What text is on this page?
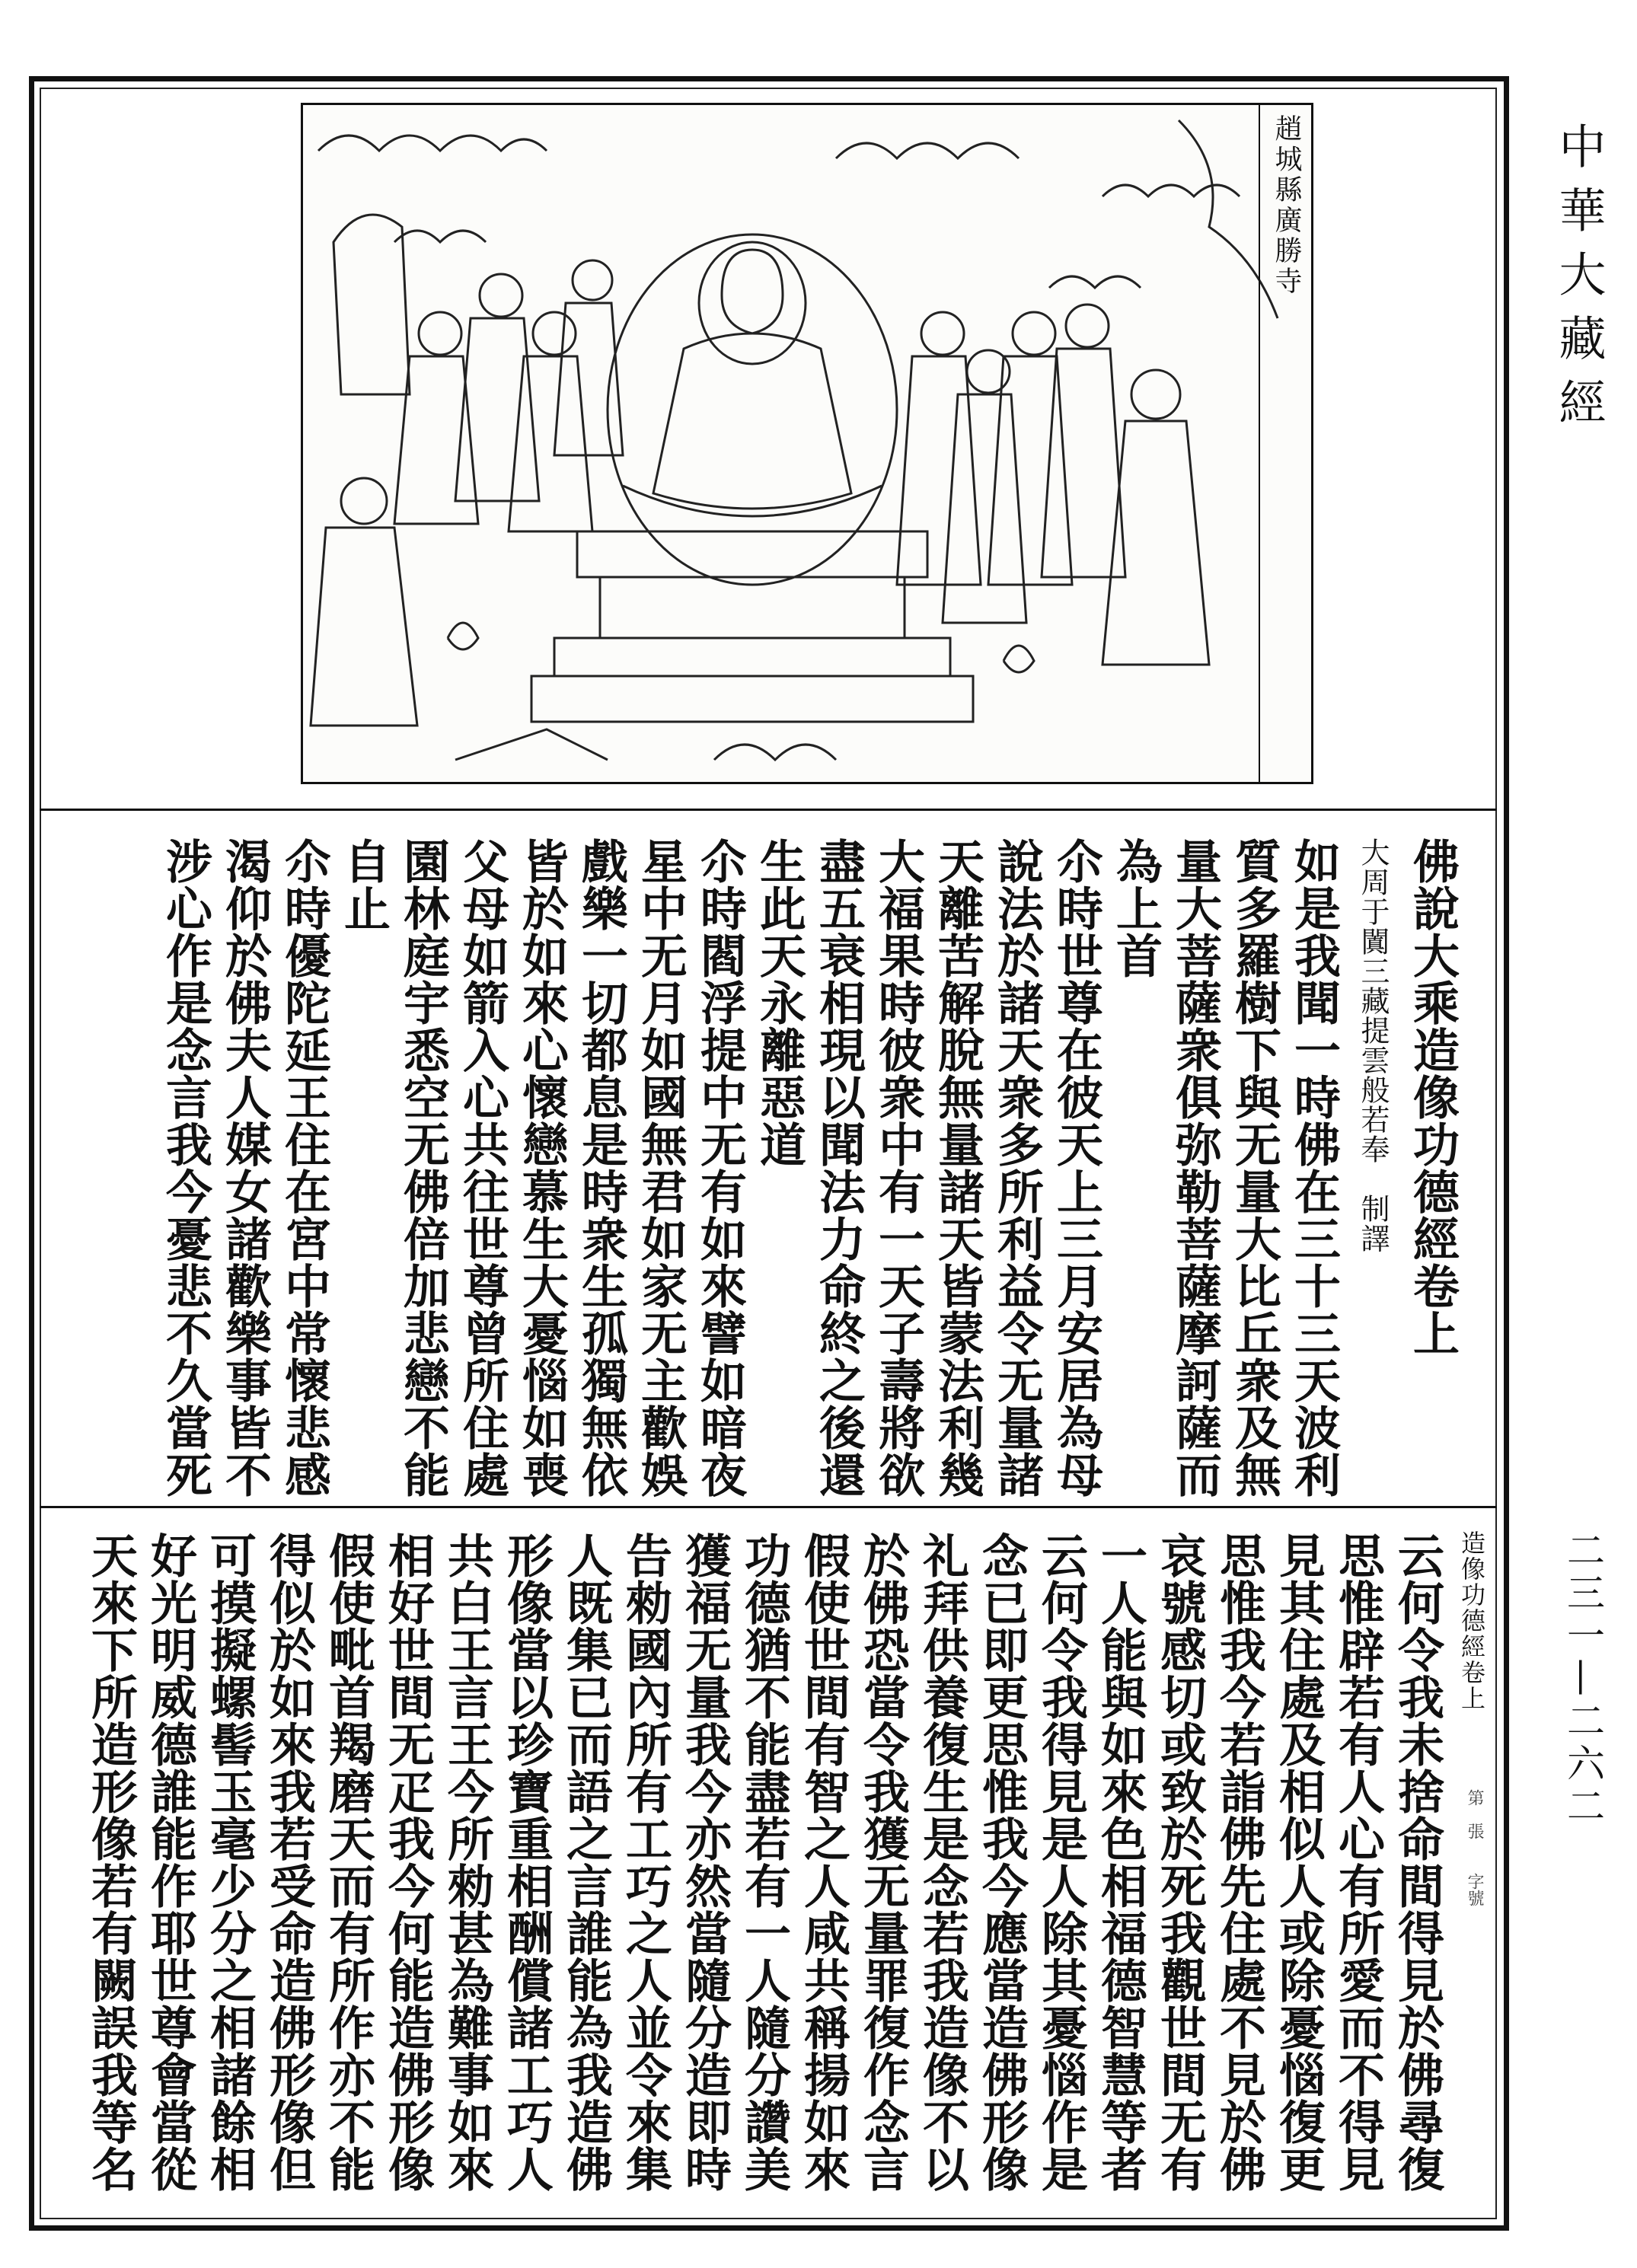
趙城縣廣勝寺	中華大藏經
二三一—二六二
佛說大乘造像功德經卷上
大周于闐三藏提雲般若奉　制譯
如是我聞一時佛在三十三天波利
質多羅樹下與无量大比丘衆及無
量大菩薩衆俱弥勒菩薩摩訶薩而
為上首
尒時世尊在彼天上三月安居為母
說法於諸天衆多所利益令无量諸
天離苦解脫無量諸天皆蒙法利幾
大福果時彼衆中有一天子壽將欲
盡五衰相現以聞法力命終之後還
生此天永離惡道
尒時閻浮提中无有如來譬如暗夜
星中无月如國無君如家无主歡娛
戲樂一切都息是時衆生孤獨無依
皆於如來心懷戀慕生大憂惱如喪
父母如箭入心共往世尊曾所住處
園林庭宇悉空无佛倍加悲戀不能
自止
尒時優陀延王住在宮中常懷悲感
渴仰於佛夫人媒女諸歡樂事皆不
涉心作是念言我今憂悲不久當死
造像功德經卷上
第　張　　字號
云何令我未捨命間得見於佛尋復
思惟辟若有人心有所愛而不得見
見其住處及相似人或除憂惱復更
思惟我今若詣佛先住處不見於佛
哀號感切或致於死我觀世間无有
一人能與如來色相福德智慧等者
云何令我得見是人除其憂惱作是
念已即更思惟我今應當造佛形像
礼拜供養復生是念若我造像不以
於佛恐當令我獲无量罪復作念言
假使世間有智之人咸共稱揚如來
功德猶不能盡若有一人隨分讚美
獲福无量我今亦然當隨分造即時
告勑國內所有工巧之人並令來集
人既集已而語之言誰能為我造佛
形像當以珍寶重相酬償諸工巧人
共白王言王今所勑甚為難事如來
相好世間无疋我今何能造佛形像
假使毗首羯磨天而有所作亦不能
得似於如來我若受命造佛形像但
可摸擬螺髻玉毫少分之相諸餘相
好光明威德誰能作耶世尊會當從
天來下所造形像若有闕誤我等名
